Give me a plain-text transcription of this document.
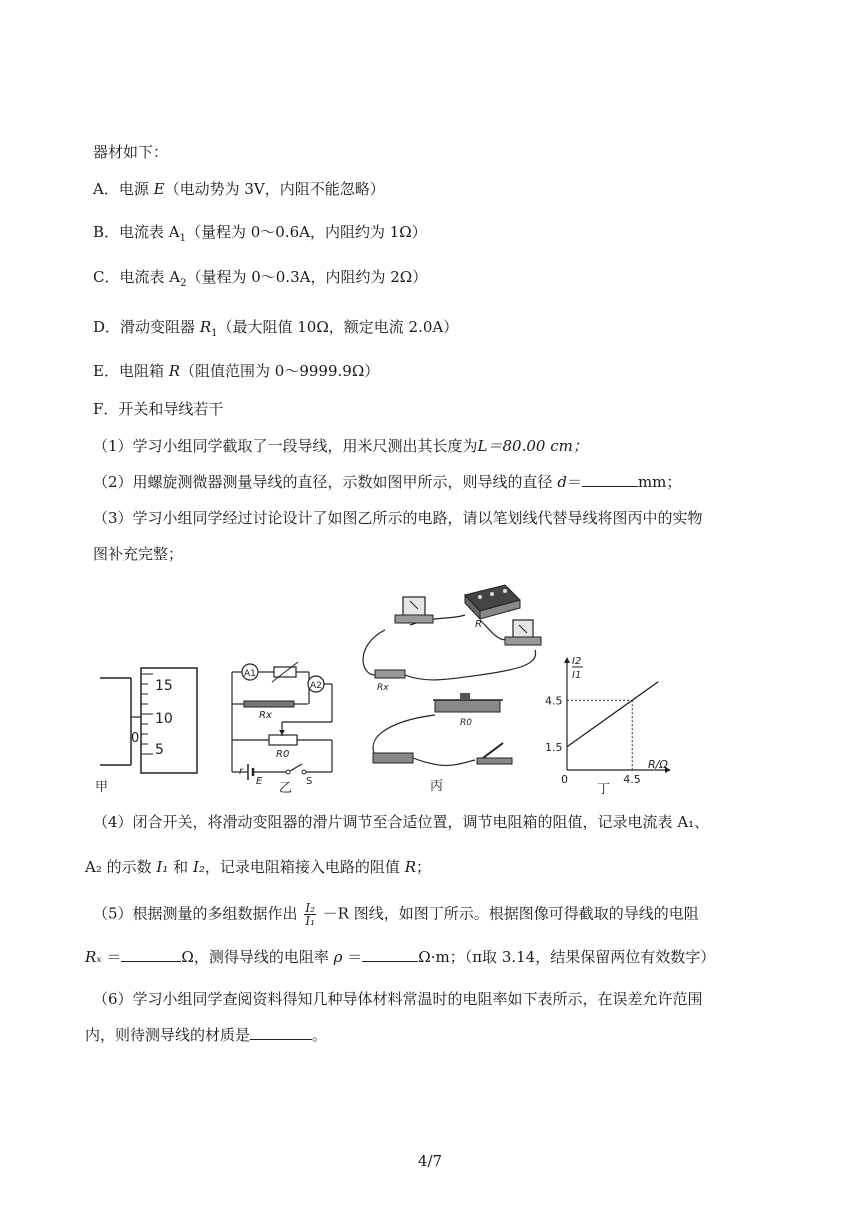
器材如下：
A．电源 E（电动势为 3V，内阻不能忽略）
B．电流表 $A_1$（量程为 0～0.6A，内阻约为 1Ω）
C．电流表 $A_2$（量程为 0～0.3A，内阻约为 2Ω）
D．滑动变阻器 $R_1$（最大阻值 10Ω，额定电流 2.0A）
E．电阻箱 R（阻值范围为 0～9999.9Ω）
F．开关和导线若干
（1）学习小组同学截取了一段导线，用米尺测出其长度为L＝80.00 cm；
（2）用螺旋测微器测量导线的直径，示数如图甲所示，则导线的直径 d＝	mm；
（3）学习小组同学经过讨论设计了如图乙所示的电路，请以笔划线代替导线将图丙中的实物
图补充完整；
15
10
5
0
甲
A1
A2
Rx
R0
r
E	S
乙
R
Rx
R0
丙
I2
I1
4.5
1.5
0	4.5
R/Ω
丁
（4）闭合开关，将滑动变阻器的滑片调节至合适位置，调节电阻箱的阻值，记录电流表 A₁、
A₂ 的示数 I₁ 和 I₂，记录电阻箱接入电路的阻值 R；
（5）根据测量的多组数据作出 $\frac{\text{I₂}}{\text{I₁}} -R$ 图线，如图丁所示。根据图像可得截取的导线的电阻
Rₓ ＝	Ω，测得导线的电阻率 ρ ＝	Ω·m；（π取 3.14，结果保留两位有效数字）
（6）学习小组同学查阅资料得知几种导体材料常温时的电阻率如下表所示，在误差允许范围
内，则待测导线的材质是	。
4/7
